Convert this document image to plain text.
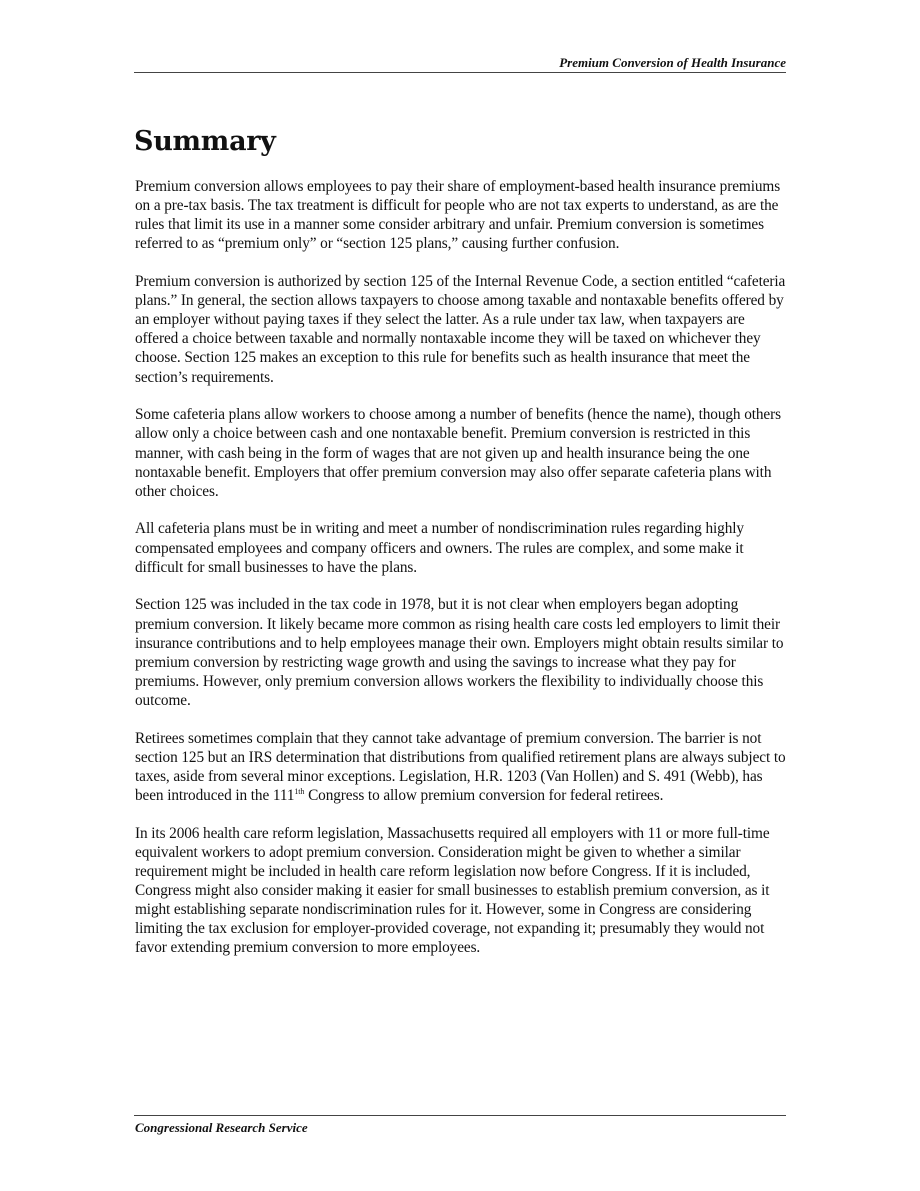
Premium Conversion of Health Insurance
Summary

Premium conversion allows employees to pay their share of employment-based health insurance premiums on a pre-tax basis. The tax treatment is difficult for people who are not tax experts to understand, as are the rules that limit its use in a manner some consider arbitrary and unfair. Premium conversion is sometimes referred to as “premium only” or “section 125 plans,” causing further confusion.

Premium conversion is authorized by section 125 of the Internal Revenue Code, a section entitled “cafeteria plans.” In general, the section allows taxpayers to choose among taxable and nontaxable benefits offered by an employer without paying taxes if they select the latter. As a rule under tax law, when taxpayers are offered a choice between taxable and normally nontaxable income they will be taxed on whichever they choose. Section 125 makes an exception to this rule for benefits such as health insurance that meet the section’s requirements.

Some cafeteria plans allow workers to choose among a number of benefits (hence the name), though others allow only a choice between cash and one nontaxable benefit. Premium conversion is restricted in this manner, with cash being in the form of wages that are not given up and health insurance being the one nontaxable benefit. Employers that offer premium conversion may also offer separate cafeteria plans with other choices.

All cafeteria plans must be in writing and meet a number of nondiscrimination rules regarding highly compensated employees and company officers and owners. The rules are complex, and some make it difficult for small businesses to have the plans.

Section 125 was included in the tax code in 1978, but it is not clear when employers began adopting premium conversion. It likely became more common as rising health care costs led employers to limit their insurance contributions and to help employees manage their own. Employers might obtain results similar to premium conversion by restricting wage growth and using the savings to increase what they pay for premiums. However, only premium conversion allows workers the flexibility to individually choose this outcome.

Retirees sometimes complain that they cannot take advantage of premium conversion. The barrier is not section 125 but an IRS determination that distributions from qualified retirement plans are always subject to taxes, aside from several minor exceptions. Legislation, H.R. 1203 (Van Hollen) and S. 491 (Webb), has been introduced in the $111^{1th}$ Congress to allow premium conversion for federal retirees.

In its 2006 health care reform legislation, Massachusetts required all employers with 11 or more full-time equivalent workers to adopt premium conversion. Consideration might be given to whether a similar requirement might be included in health care reform legislation now before Congress. If it is included, Congress might also consider making it easier for small businesses to establish premium conversion, as it might establishing separate nondiscrimination rules for it. However, some in Congress are considering limiting the tax exclusion for employer-provided coverage, not expanding it; presumably they would not favor extending premium conversion to more employees.

Congressional Research Service
